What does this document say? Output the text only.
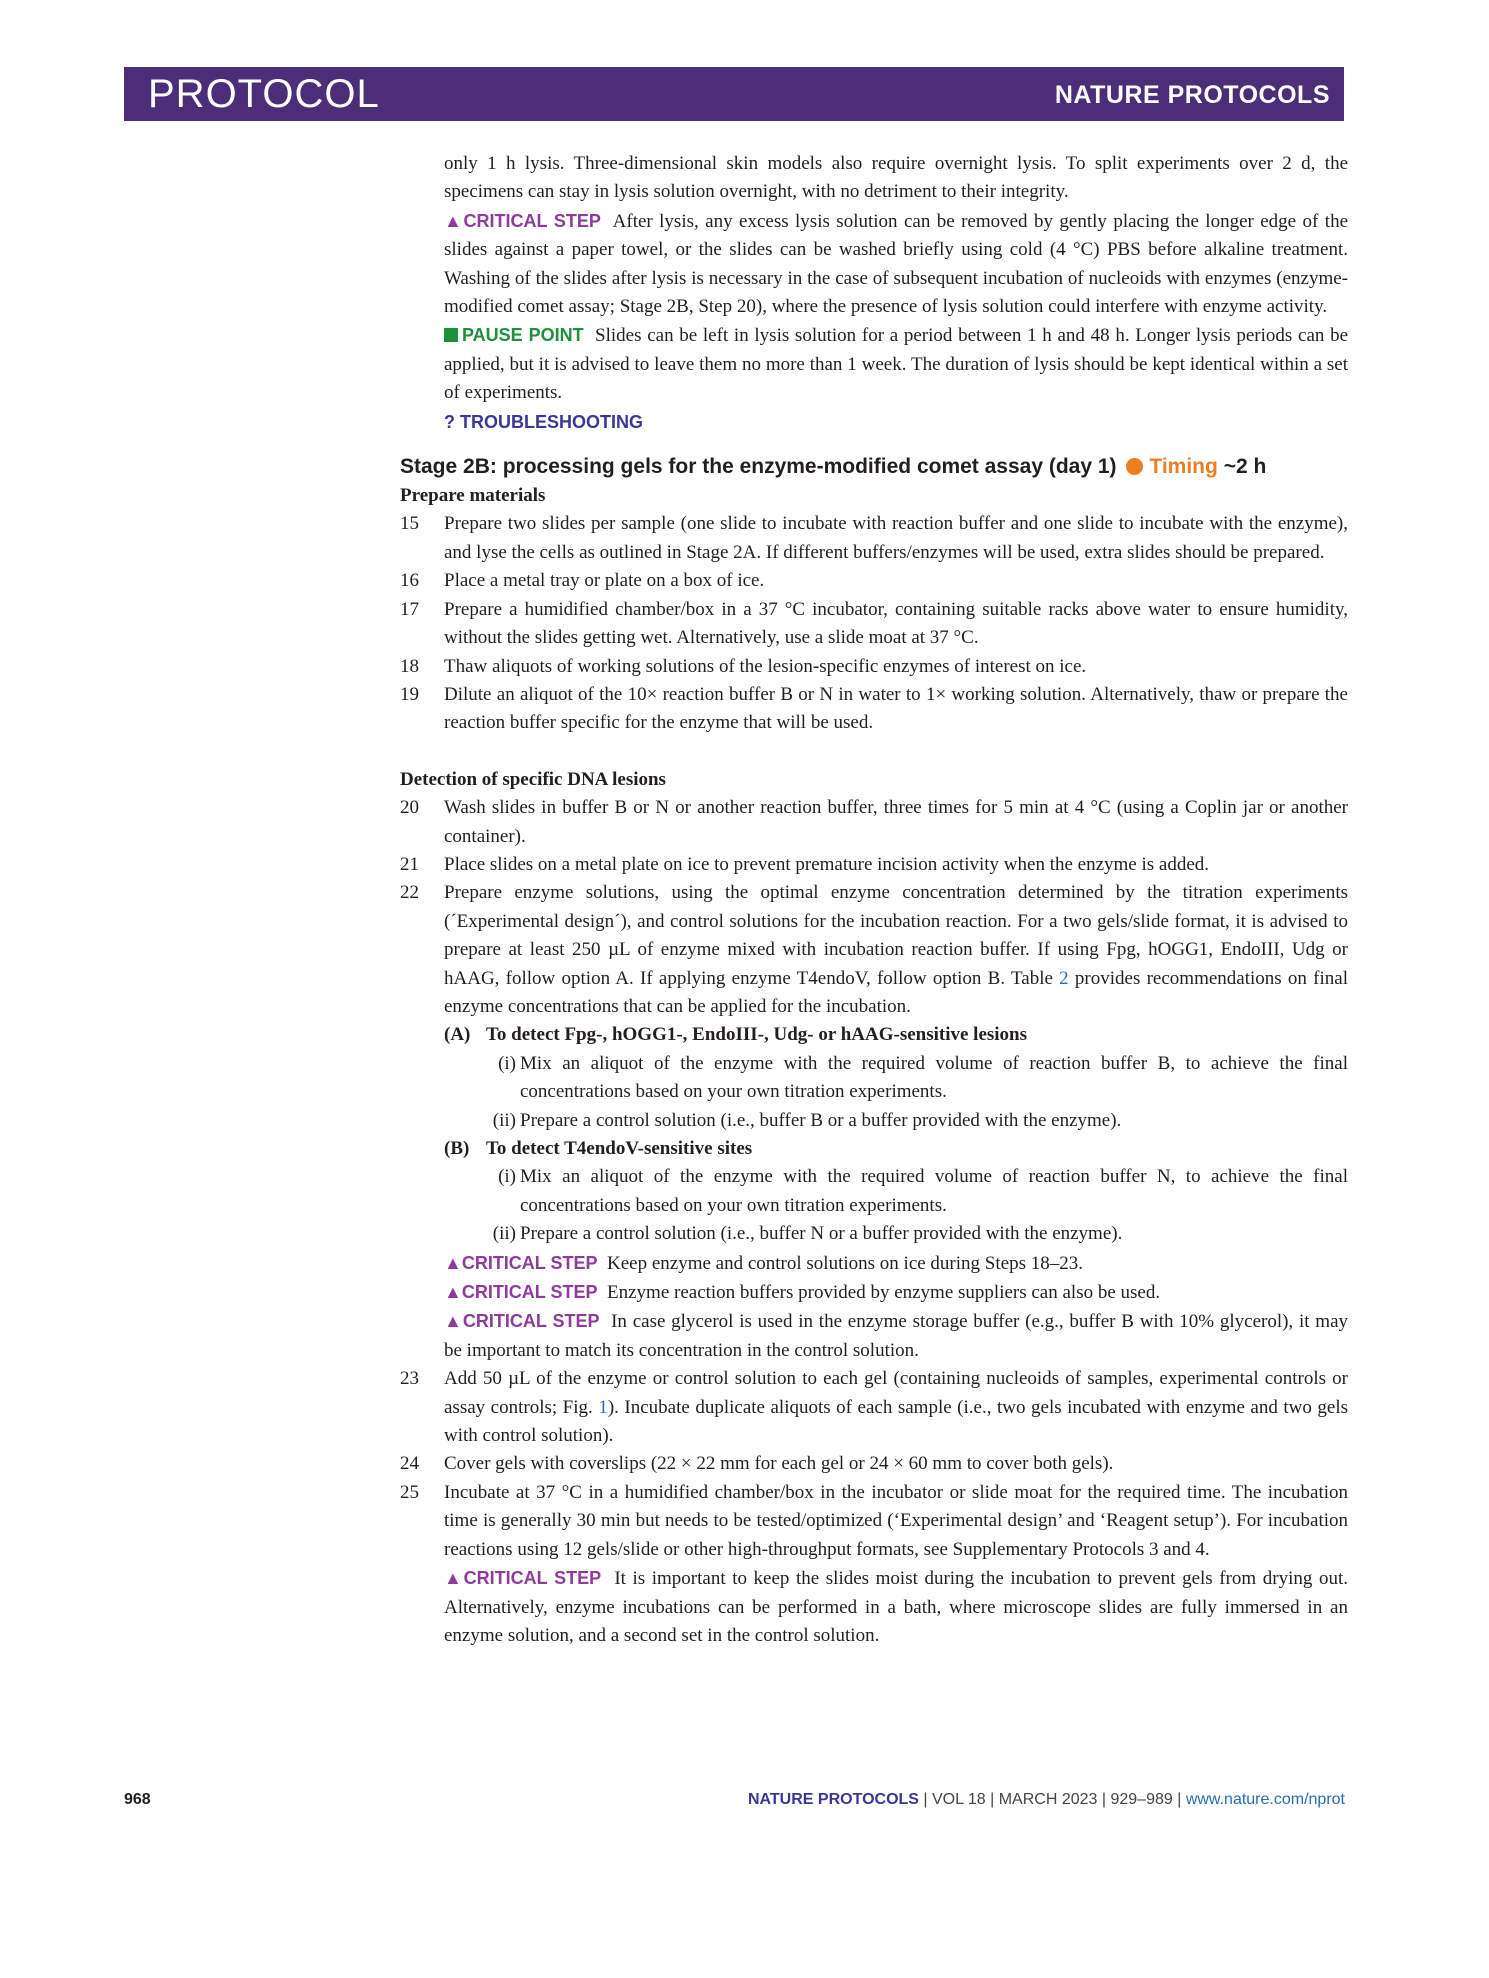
PROTOCOL	NATURE PROTOCOLS

only 1 h lysis. Three-dimensional skin models also require overnight lysis. To split experiments over 2 d, the specimens can stay in lysis solution overnight, with no detriment to their integrity.

▲CRITICAL STEP After lysis, any excess lysis solution can be removed by gently placing the longer edge of the slides against a paper towel, or the slides can be washed briefly using cold (4 °C) PBS before alkaline treatment. Washing of the slides after lysis is necessary in the case of subsequent incubation of nucleoids with enzymes (enzyme-modified comet assay; Stage 2B, Step 20), where the presence of lysis solution could interfere with enzyme activity.

PAUSE POINT Slides can be left in lysis solution for a period between 1 h and 48 h. Longer lysis periods can be applied, but it is advised to leave them no more than 1 week. The duration of lysis should be kept identical within a set of experiments.

? TROUBLESHOOTING

Stage 2B: processing gels for the enzyme-modified comet assay (day 1) Timing ~2 h

Prepare materials

15 Prepare two slides per sample (one slide to incubate with reaction buffer and one slide to incubate with the enzyme), and lyse the cells as outlined in Stage 2A. If different buffers/enzymes will be used, extra slides should be prepared.

16 Place a metal tray or plate on a box of ice.

17 Prepare a humidified chamber/box in a 37 °C incubator, containing suitable racks above water to ensure humidity, without the slides getting wet. Alternatively, use a slide moat at 37 °C.

18 Thaw aliquots of working solutions of the lesion-specific enzymes of interest on ice.

19 Dilute an aliquot of the 10× reaction buffer B or N in water to 1× working solution. Alternatively, thaw or prepare the reaction buffer specific for the enzyme that will be used.

Detection of specific DNA lesions

20 Wash slides in buffer B or N or another reaction buffer, three times for 5 min at 4 °C (using a Coplin jar or another container).

21 Place slides on a metal plate on ice to prevent premature incision activity when the enzyme is added.

22 Prepare enzyme solutions, using the optimal enzyme concentration determined by the titration experiments (´Experimental design´), and control solutions for the incubation reaction. For a two gels/slide format, it is advised to prepare at least 250 µL of enzyme mixed with incubation reaction buffer. If using Fpg, hOGG1, EndoIII, Udg or hAAG, follow option A. If applying enzyme T4endoV, follow option B. Table 2 provides recommendations on final enzyme concentrations that can be applied for the incubation.

(A) To detect Fpg-, hOGG1-, EndoIII-, Udg- or hAAG-sensitive lesions

(i) Mix an aliquot of the enzyme with the required volume of reaction buffer B, to achieve the final concentrations based on your own titration experiments.

(ii) Prepare a control solution (i.e., buffer B or a buffer provided with the enzyme).

(B) To detect T4endoV-sensitive sites

(i) Mix an aliquot of the enzyme with the required volume of reaction buffer N, to achieve the final concentrations based on your own titration experiments.

(ii) Prepare a control solution (i.e., buffer N or a buffer provided with the enzyme).

▲CRITICAL STEP Keep enzyme and control solutions on ice during Steps 18–23.

▲CRITICAL STEP Enzyme reaction buffers provided by enzyme suppliers can also be used.

▲CRITICAL STEP In case glycerol is used in the enzyme storage buffer (e.g., buffer B with 10% glycerol), it may be important to match its concentration in the control solution.

23 Add 50 µL of the enzyme or control solution to each gel (containing nucleoids of samples, experimental controls or assay controls; Fig. 1). Incubate duplicate aliquots of each sample (i.e., two gels incubated with enzyme and two gels with control solution).

24 Cover gels with coverslips (22 × 22 mm for each gel or 24 × 60 mm to cover both gels).

25 Incubate at 37 °C in a humidified chamber/box in the incubator or slide moat for the required time. The incubation time is generally 30 min but needs to be tested/optimized (‘Experimental design’ and ‘Reagent setup’). For incubation reactions using 12 gels/slide or other high-throughput formats, see Supplementary Protocols 3 and 4.

▲CRITICAL STEP It is important to keep the slides moist during the incubation to prevent gels from drying out. Alternatively, enzyme incubations can be performed in a bath, where microscope slides are fully immersed in an enzyme solution, and a second set in the control solution.

968	NATURE PROTOCOLS | VOL 18 | MARCH 2023 | 929–989 | www.nature.com/nprot
